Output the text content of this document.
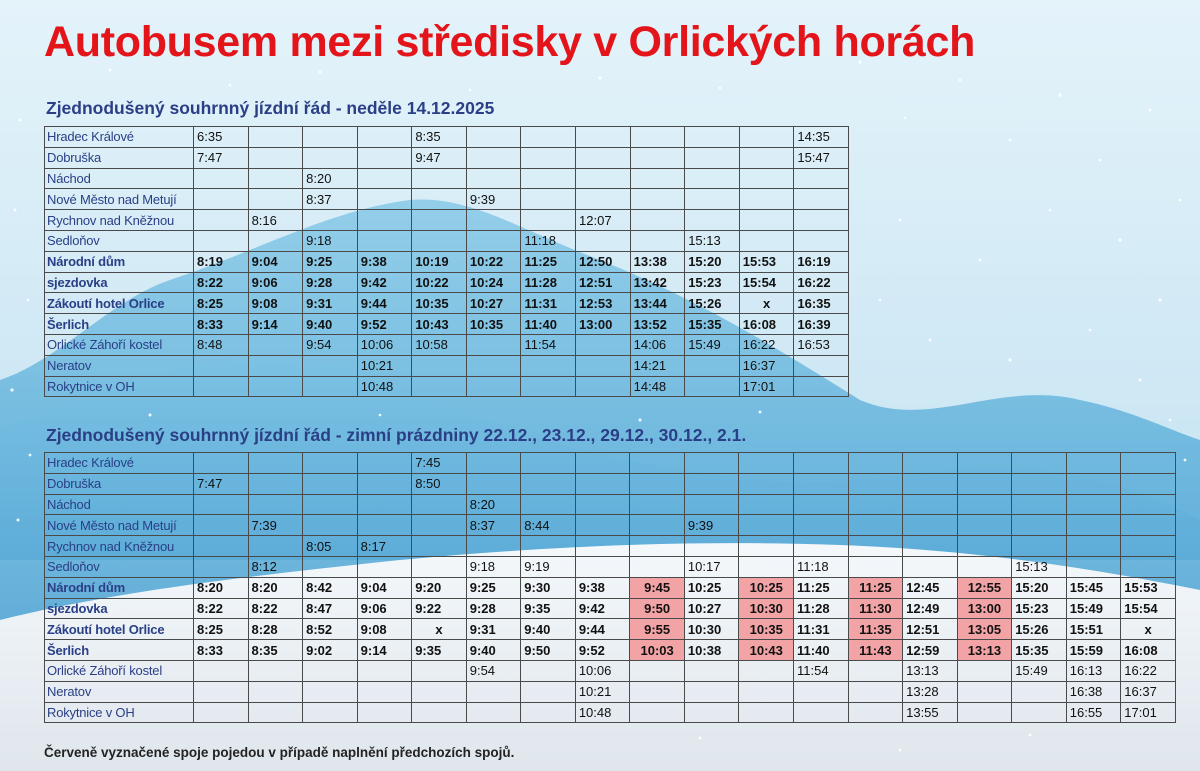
Autobusem mezi středisky v Orlických horách
Zjednodušený souhrnný jízdní řád - neděle 14.12.2025
Hradec Králové	6:35				8:35							14:35
Dobruška	7:47				9:47							15:47
Náchod			8:20									
Nové Město nad Metují			8:37			9:39						
Rychnov nad Kněžnou		8:16						12:07				
Sedloňov			9:18				11:18			15:13		
Národní dům	8:19	9:04	9:25	9:38	10:19	10:22	11:25	12:50	13:38	15:20	15:53	16:19
sjezdovka	8:22	9:06	9:28	9:42	10:22	10:24	11:28	12:51	13:42	15:23	15:54	16:22
Zákoutí hotel Orlice	8:25	9:08	9:31	9:44	10:35	10:27	11:31	12:53	13:44	15:26	x	16:35
Šerlich	8:33	9:14	9:40	9:52	10:43	10:35	11:40	13:00	13:52	15:35	16:08	16:39
Orlické Záhoří kostel	8:48		9:54	10:06	10:58		11:54		14:06	15:49	16:22	16:53
Neratov				10:21					14:21		16:37	
Rokytnice v OH				10:48					14:48		17:01	
Zjednodušený souhrnný jízdní řád - zimní prázdniny 22.12., 23.12., 29.12., 30.12., 2.1.
Hradec Králové					7:45													
Dobruška	7:47				8:50													
Náchod						8:20												
Nové Město nad Metují		7:39				8:37	8:44			9:39								
Rychnov nad Kněžnou			8:05	8:17														
Sedloňov		8:12				9:18	9:19			10:17		11:18				15:13		
Národní dům	8:20	8:20	8:42	9:04	9:20	9:25	9:30	9:38	9:45	10:25	10:25	11:25	11:25	12:45	12:55	15:20	15:45	15:53
sjezdovka	8:22	8:22	8:47	9:06	9:22	9:28	9:35	9:42	9:50	10:27	10:30	11:28	11:30	12:49	13:00	15:23	15:49	15:54
Zákoutí hotel Orlice	8:25	8:28	8:52	9:08	x	9:31	9:40	9:44	9:55	10:30	10:35	11:31	11:35	12:51	13:05	15:26	15:51	x
Šerlich	8:33	8:35	9:02	9:14	9:35	9:40	9:50	9:52	10:03	10:38	10:43	11:40	11:43	12:59	13:13	15:35	15:59	16:08
Orlické Záhoří kostel						9:54		10:06				11:54		13:13		15:49	16:13	16:22
Neratov								10:21						13:28			16:38	16:37
Rokytnice v OH								10:48						13:55			16:55	17:01

Červeně vyznačené spoje pojedou v případě naplnění předchozích spojů.
